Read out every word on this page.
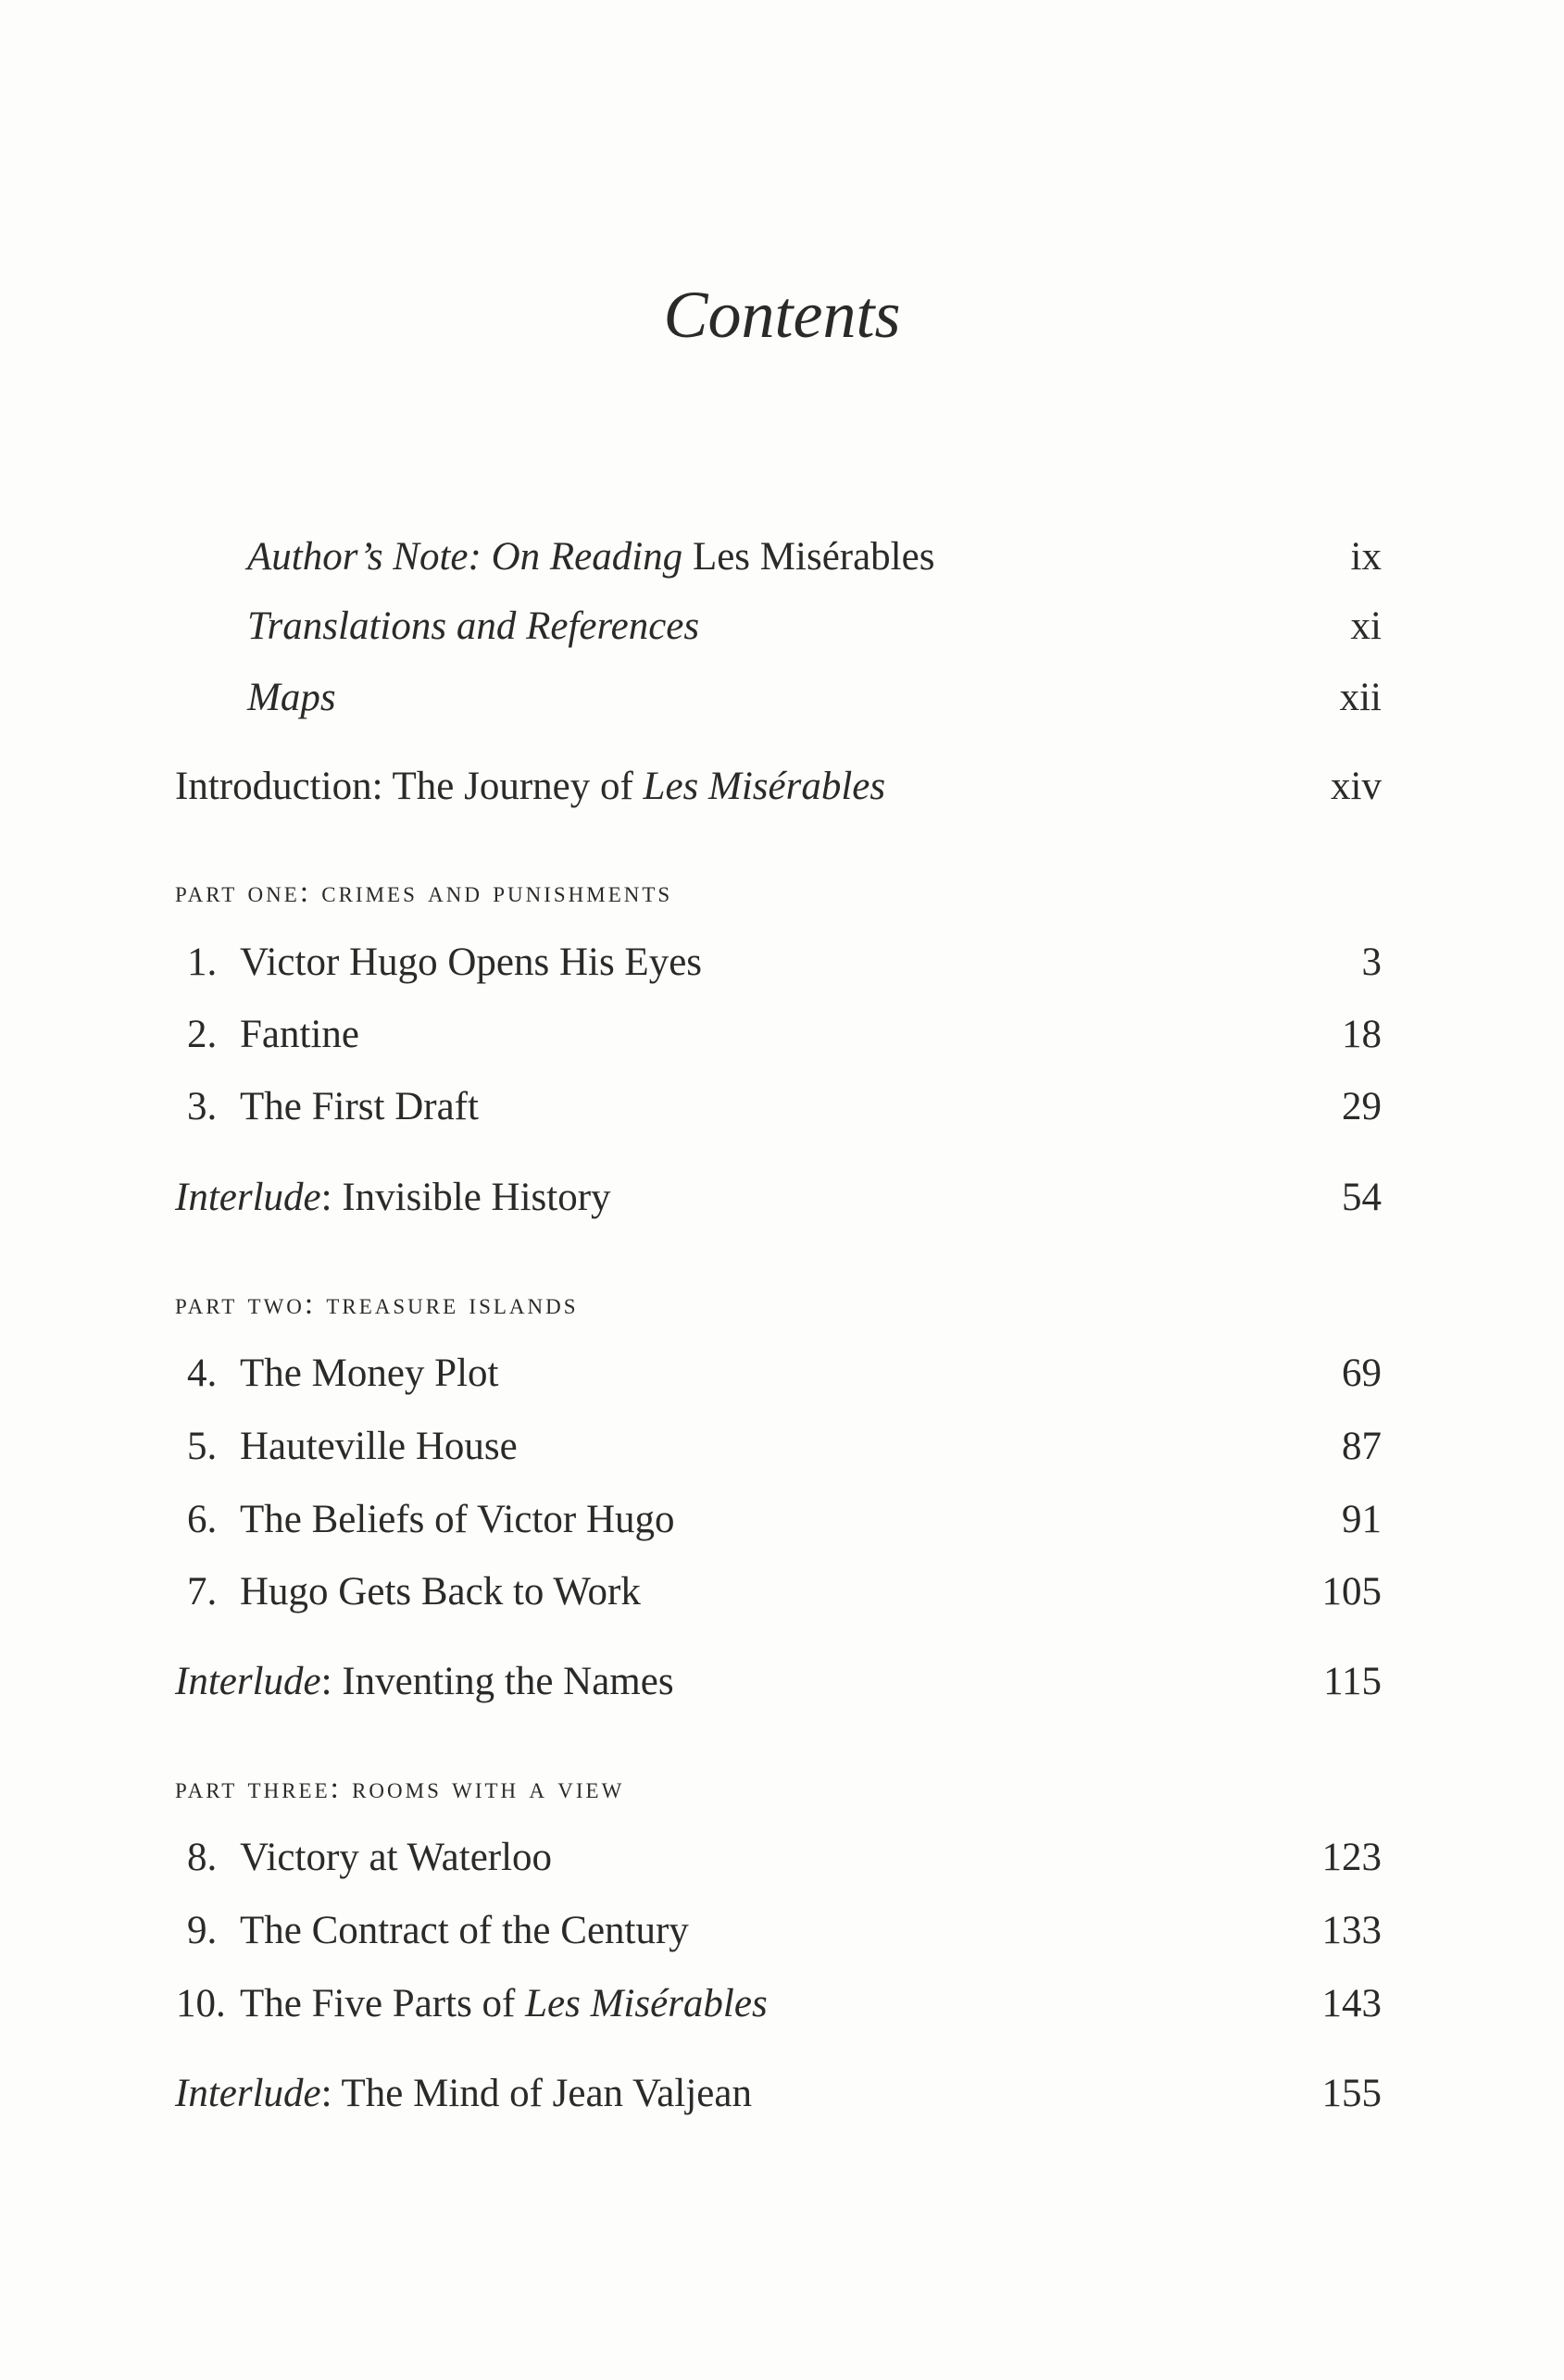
Contents
Author’s Note: On Reading Les Misérables	ix
Translations and References	xi
Maps	xii
Introduction: The Journey of Les Misérables	xiv
part one: crimes and punishments
1. Victor Hugo Opens His Eyes	3
2. Fantine	18
3. The First Draft	29
Interlude: Invisible History	54
part two: treasure islands
4. The Money Plot	69
5. Hauteville House	87
6. The Beliefs of Victor Hugo	91
7. Hugo Gets Back to Work	105
Interlude: Inventing the Names	115
part three: rooms with a view
8. Victory at Waterloo	123
9. The Contract of the Century	133
10. The Five Parts of Les Misérables	143
Interlude: The Mind of Jean Valjean	155
